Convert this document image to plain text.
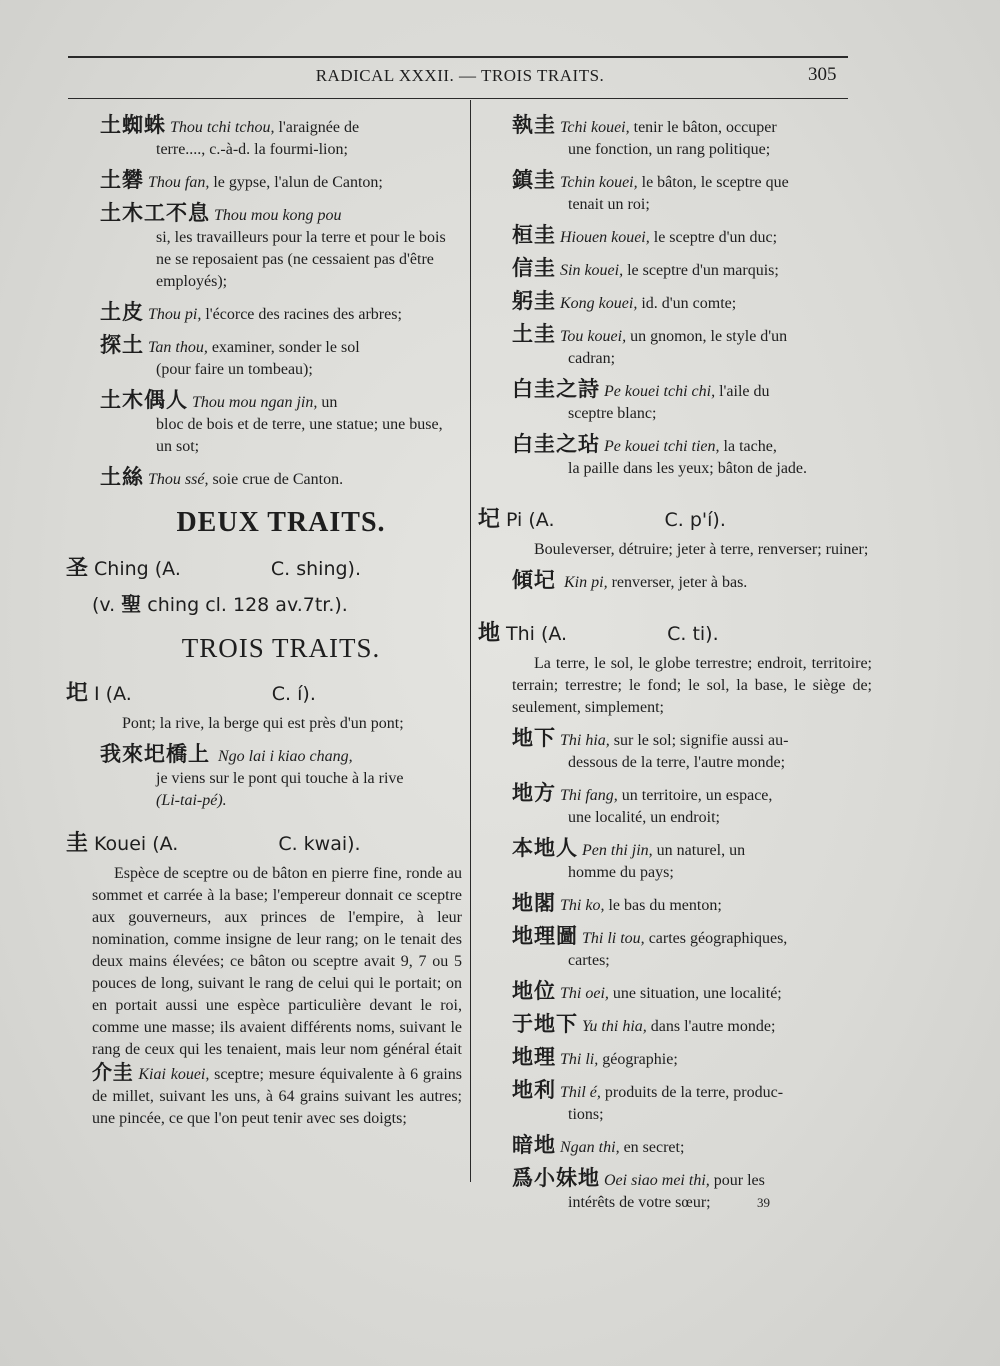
RADICAL XXXII. — TROIS TRAITS.	305
土蜘蛛 Thou tchi tchou, l'araignée de
terre...., c.-à-d. la fourmi-lion;
土礬 Thou fan, le gypse, l'alun de Canton;
土木工不息 Thou mou kong pou
si, les travailleurs pour la terre et pour le bois ne se reposaient pas (ne cessaient pas d'être employés);
土皮 Thou pi, l'écorce des racines des arbres;
探土 Tan thou, examiner, sonder le sol
(pour faire un tombeau);
土木偶人 Thou mou ngan jin, un
bloc de bois et de terre, une statue; une buse, un sot;
土絲 Thou ssé, soie crue de Canton.
DEUX TRAITS.
圣 Ching (A.	C. shing).
(v. 聖 ching cl. 128 av.7tr.).
TROIS TRAITS.
圯 I (A.	C. í).
Pont; la rive, la berge qui est près d'un pont;
我來圯橋上 Ngo lai i kiao chang,
je viens sur le pont qui touche à la rive
(Li-tai-pé).
圭 Kouei (A.	C. kwai).
Espèce de sceptre ou de bâton en pierre fine, ronde au sommet et carrée à la base; l'empereur donnait ce sceptre aux gouverneurs, aux princes de l'empire, à leur nomination, comme insigne de leur rang; on le tenait des deux mains élevées; ce bâton ou sceptre avait 9, 7 ou 5 pouces de long, suivant le rang de celui qui le portait; on en portait aussi une espèce particulière devant le roi, comme une masse; ils avaient différents noms, suivant le rang de ceux qui les tenaient, mais leur nom général était 介圭 Kiai kouei, sceptre; mesure équivalente à 6 grains de millet, suivant les uns, à 64 grains suivant les autres; une pincée, ce que l'on peut tenir avec ses doigts;
執圭 Tchi kouei, tenir le bâton, occuper
une fonction, un rang politique;
鎮圭 Tchin kouei, le bâton, le sceptre que
tenait un roi;
桓圭 Hiouen kouei, le sceptre d'un duc;
信圭 Sin kouei, le sceptre d'un marquis;
躬圭 Kong kouei, id. d'un comte;
土圭 Tou kouei, un gnomon, le style d'un
cadran;
白圭之詩 Pe kouei tchi chi, l'aile du
sceptre blanc;
白圭之玷 Pe kouei tchi tien, la tache,
la paille dans les yeux; bâton de jade.
圮 Pi (A.	C. p'í).
Bouleverser, détruire; jeter à terre, renverser; ruiner;
傾圮 Kin pi, renverser, jeter à bas.
地 Thi (A.	C. ti).
La terre, le sol, le globe terrestre; endroit, territoire; terrain; terrestre; le fond; le sol, la base, le siège de; seulement, simplement;
地下 Thi hia, sur le sol; signifie aussi au-
dessous de la terre, l'autre monde;
地方 Thi fang, un territoire, un espace,
une localité, un endroit;
本地人 Pen thi jin, un naturel, un
homme du pays;
地閣 Thi ko, le bas du menton;
地理圖 Thi li tou, cartes géographiques,
cartes;
地位 Thi oei, une situation, une localité;
于地下 Yu thi hia, dans l'autre monde;
地理 Thi li, géographie;
地利 Thil é, produits de la terre, produc-
tions;
暗地 Ngan thi, en secret;
爲小妹地 Oei siao mei thi, pour les
intérêts de votre sœur;	39
